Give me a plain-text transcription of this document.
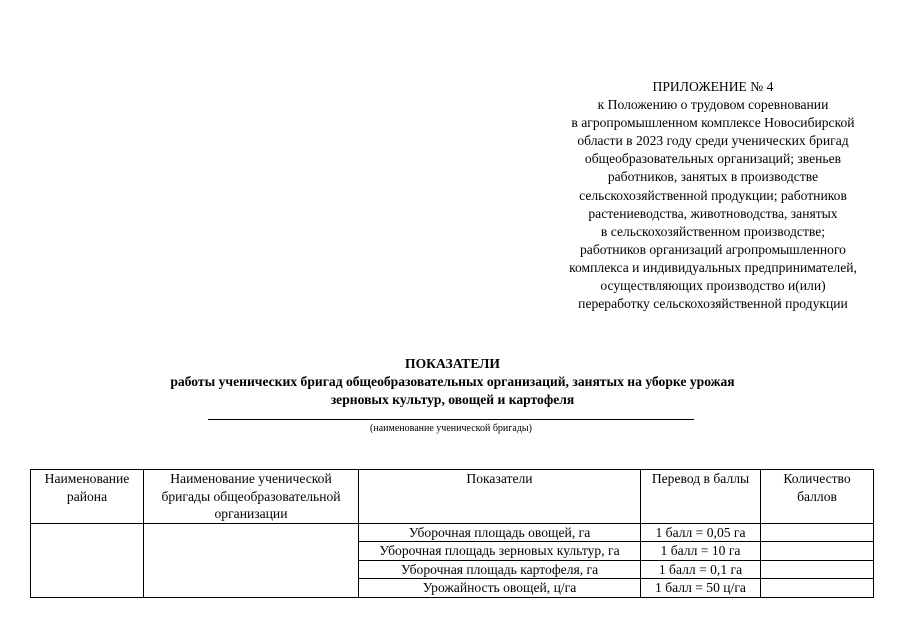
ПРИЛОЖЕНИЕ № 4
к Положению о трудовом соревновании
в агропромышленном комплексе Новосибирской
области в 2023 году среди ученических бригад
общеобразовательных организаций; звеньев
работников, занятых в производстве
сельскохозяйственной продукции; работников
растениеводства, животноводства, занятых
в сельскохозяйственном производстве;
работников организаций агропромышленного
комплекса и индивидуальных предпринимателей,
осуществляющих производство и(или)
переработку сельскохозяйственной продукции
ПОКАЗАТЕЛИ
работы ученических бригад общеобразовательных организаций, занятых на уборке урожая
зерновых культур, овощей и картофеля
(наименование ученической бригады)
Наименование района	Наименование ученической бригады общеобразовательной организации	Показатели	Перевод в баллы	Количество баллов
		Уборочная площадь овощей, га	1 балл = 0,05 га	
		Уборочная площадь зерновых культур, га	1 балл = 10 га	
		Уборочная площадь картофеля, га	1 балл = 0,1 га	
		Урожайность овощей, ц/га	1 балл = 50 ц/га	
